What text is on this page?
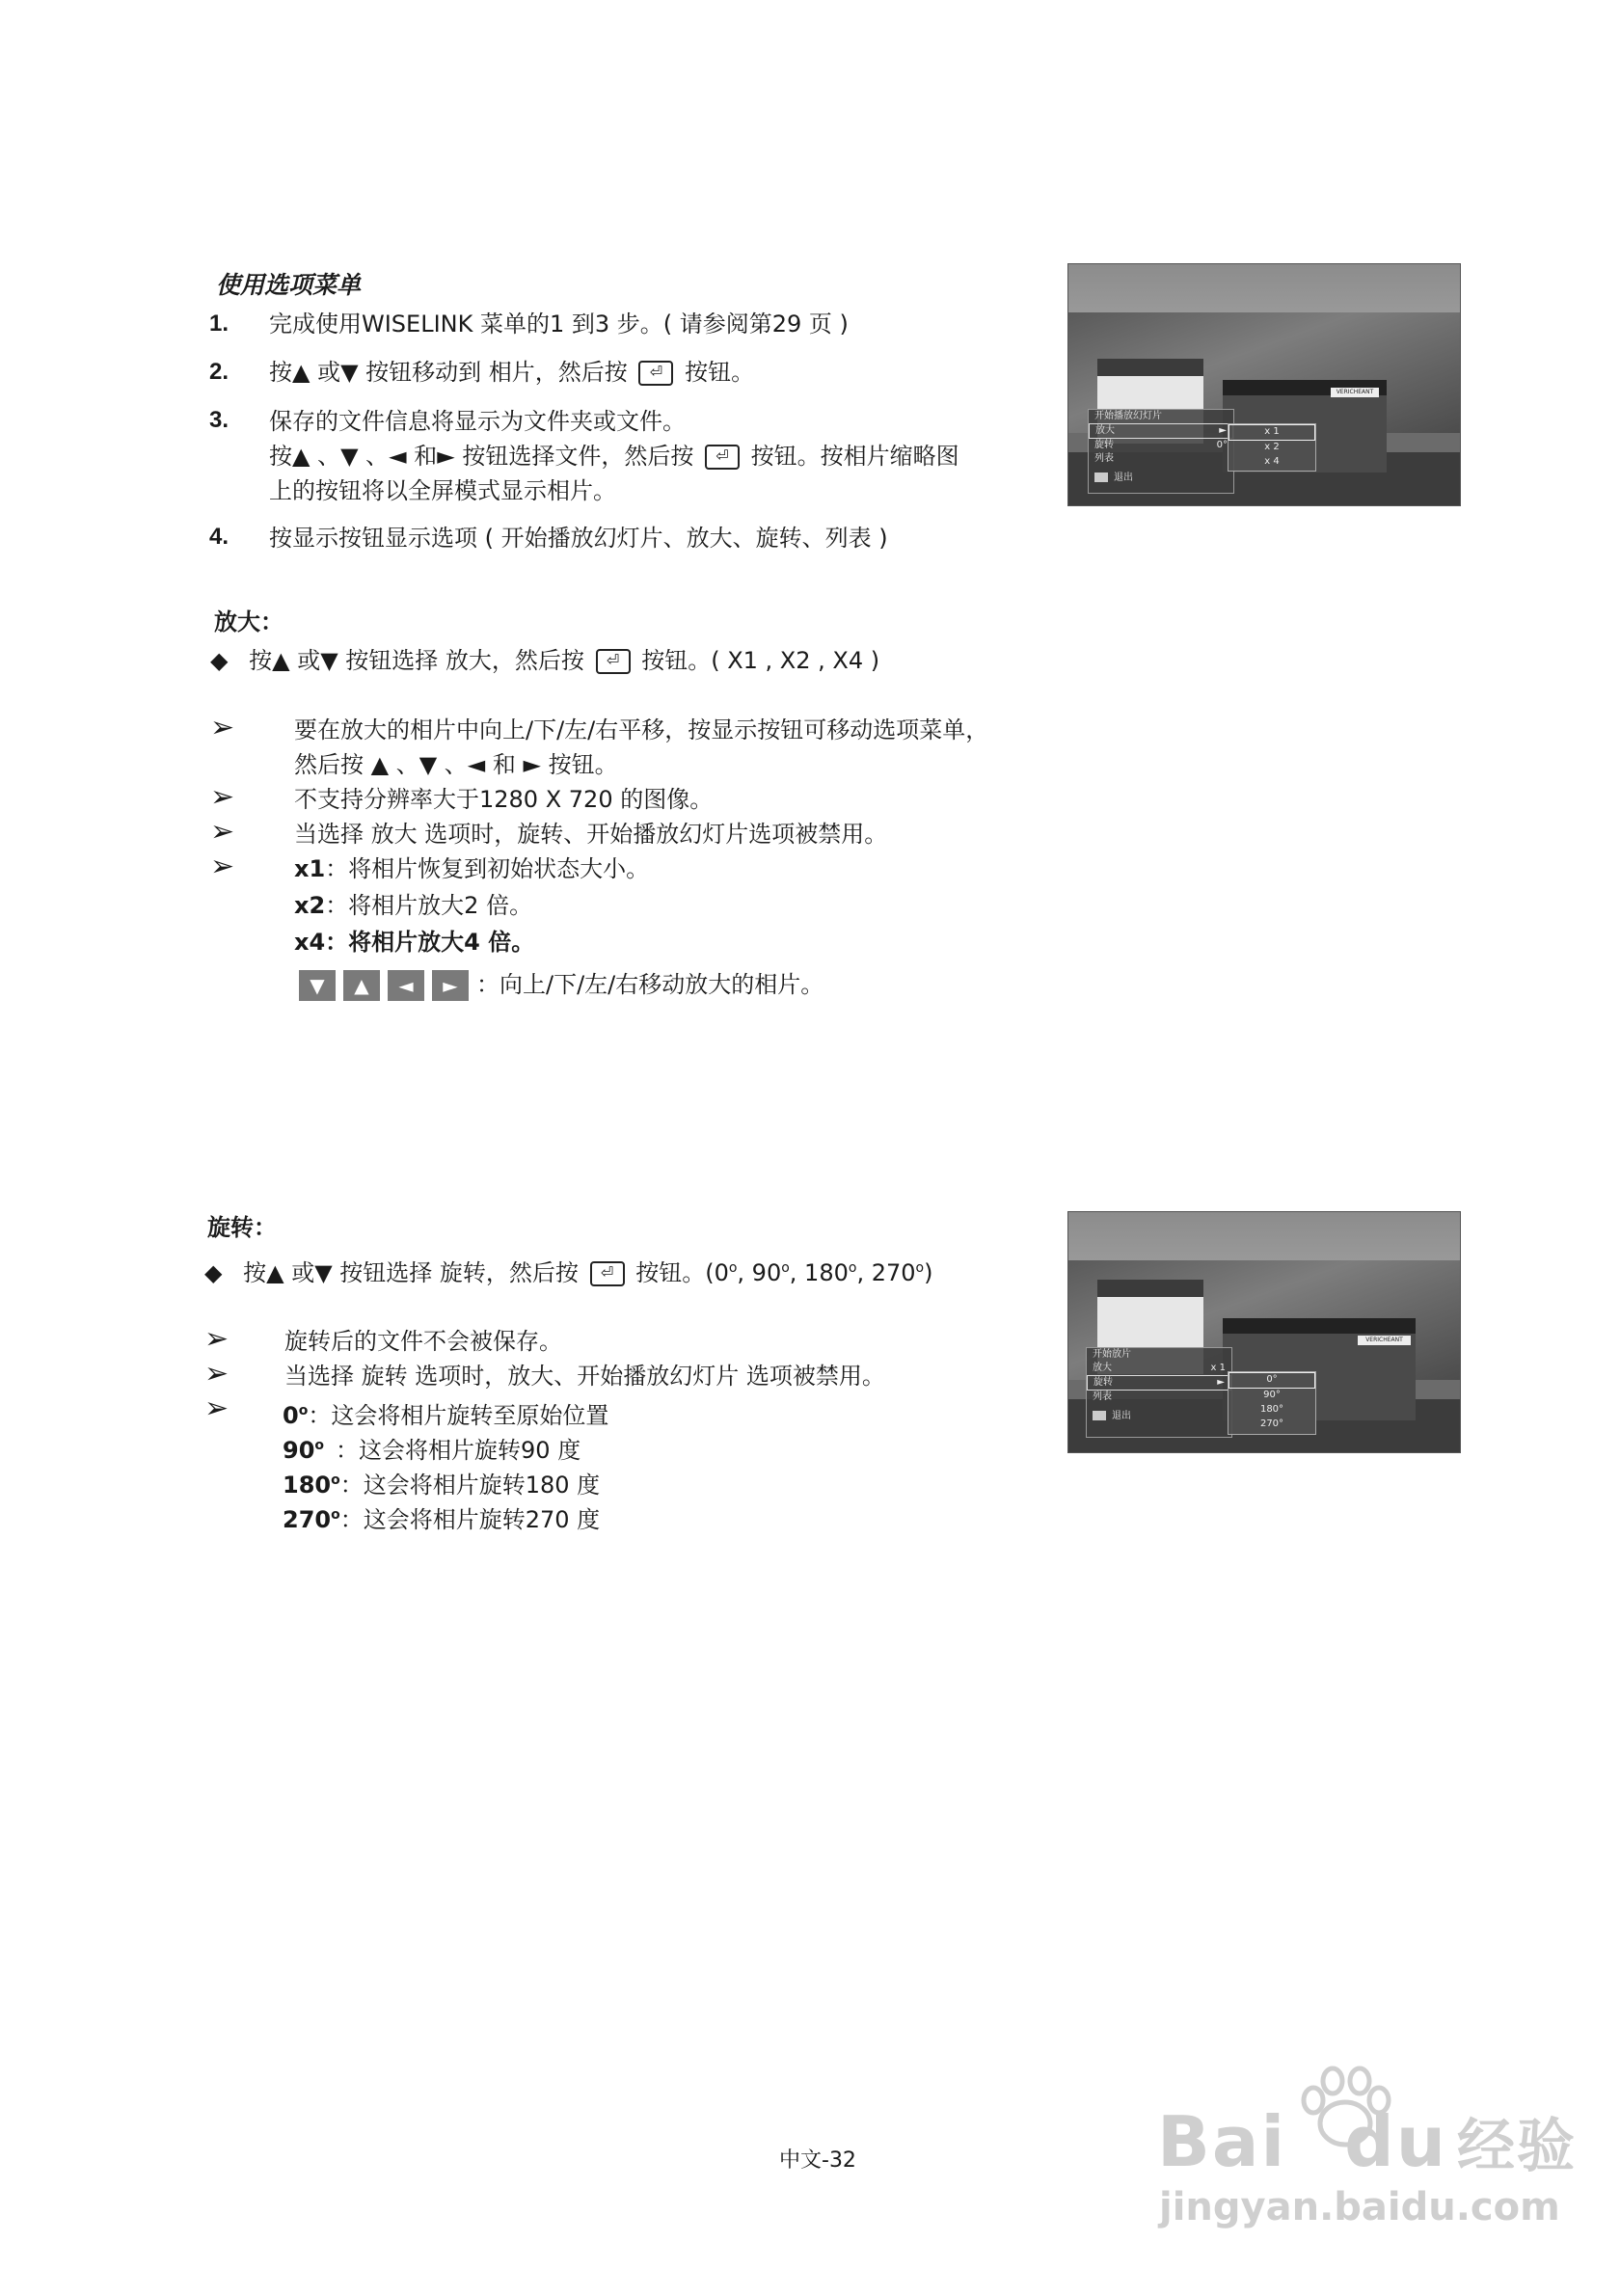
使用选项菜单
1. 完成使用WISELINK 菜单的1 到3 步。( 请参阅第29 页 )
2. 按▲ 或▼ 按钮移动到 相片，然后按 ⏎ 按钮。
3. 保存的文件信息将显示为文件夹或文件。
按▲ 、▼ 、◄ 和► 按钮选择文件，然后按 ⏎ 按钮。按相片缩略图
上的按钮将以全屏模式显示相片。
4. 按显示按钮显示选项 ( 开始播放幻灯片、放大、旋转、列表 )
放大：
◆ 按▲ 或▼ 按钮选择 放大，然后按 ⏎ 按钮。( X1 , X2 , X4 )
➢	要在放大的相片中向上/下/左/右平移，按显示按钮可移动选项菜单，
然后按 ▲ 、▼ 、◄ 和 ► 按钮。
➢	不支持分辨率大于1280 X 720 的图像。
➢	当选择 放大 选项时，旋转、开始播放幻灯片选项被禁用。
➢	x1：将相片恢复到初始状态大小。
x2：将相片放大2 倍。
x4：将相片放大4 倍。
▼ ▲ ◄ ► ：向上/下/左/右移动放大的相片。
旋转：
◆ 按▲ 或▼ 按钮选择 旋转，然后按 ⏎ 按钮。(0$^o$, 90$^o$, 180$^o$, 270$^o$)
➢ 旋转后的文件不会被保存。
➢ 当选择 旋转 选项时，放大、开始播放幻灯片 选项被禁用。
➢ 0$^o$：这会将相片旋转至原始位置
90$^o$ ：这会将相片旋转90 度
180$^o$：这会将相片旋转180 度
270$^o$：这会将相片旋转270 度
VERICHEANT
开始播放幻灯片
放大	►
旋转	0°
列表
退出
x 1
x 2
x 4
VERICHEANT
开始放片
放大	x 1
旋转	►
列表
退出
0°
90°
180°
270°
中文-32	Bai du 经验
jingyan.baidu.com
